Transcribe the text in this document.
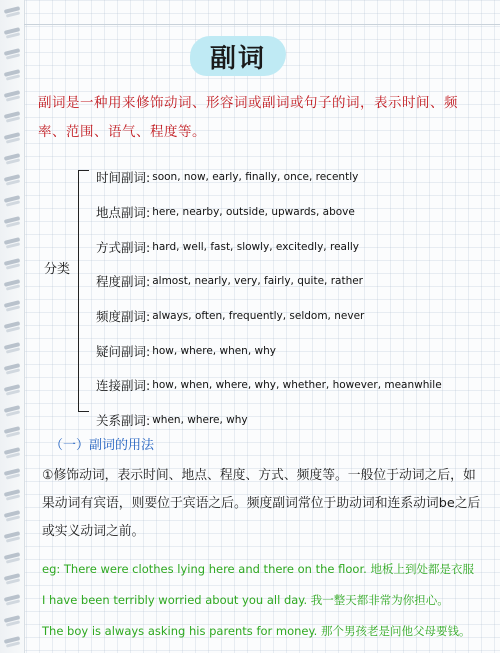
副词
副词是一种用来修饰动词、形容词或副词或句子的词，表示时间、频率、范围、语气、程度等。
分类
时间副词: soon, now, early, finally, once, recently
地点副词: here, nearby, outside, upwards, above
方式副词: hard, well, fast, slowly, excitedly, really
程度副词: almost, nearly, very, fairly, quite, rather
频度副词: always, often, frequently, seldom, never
疑问副词: how, where, when, why
连接副词: how, when, where, why, whether, however, meanwhile
关系副词: when, where, why
（一）副词的用法
①修饰动词，表示时间、地点、程度、方式、频度等。一般位于动词之后，如果动词有宾语，则要位于宾语之后。频度副词常位于助动词和连系动词be之后或实义动词之前。
eg: There were clothes lying here and there on the floor. 地板上到处都是衣服
I have been terribly worried about you all day. 我一整天都非常为你担心。
The boy is always asking his parents for money. 那个男孩老是问他父母要钱。
